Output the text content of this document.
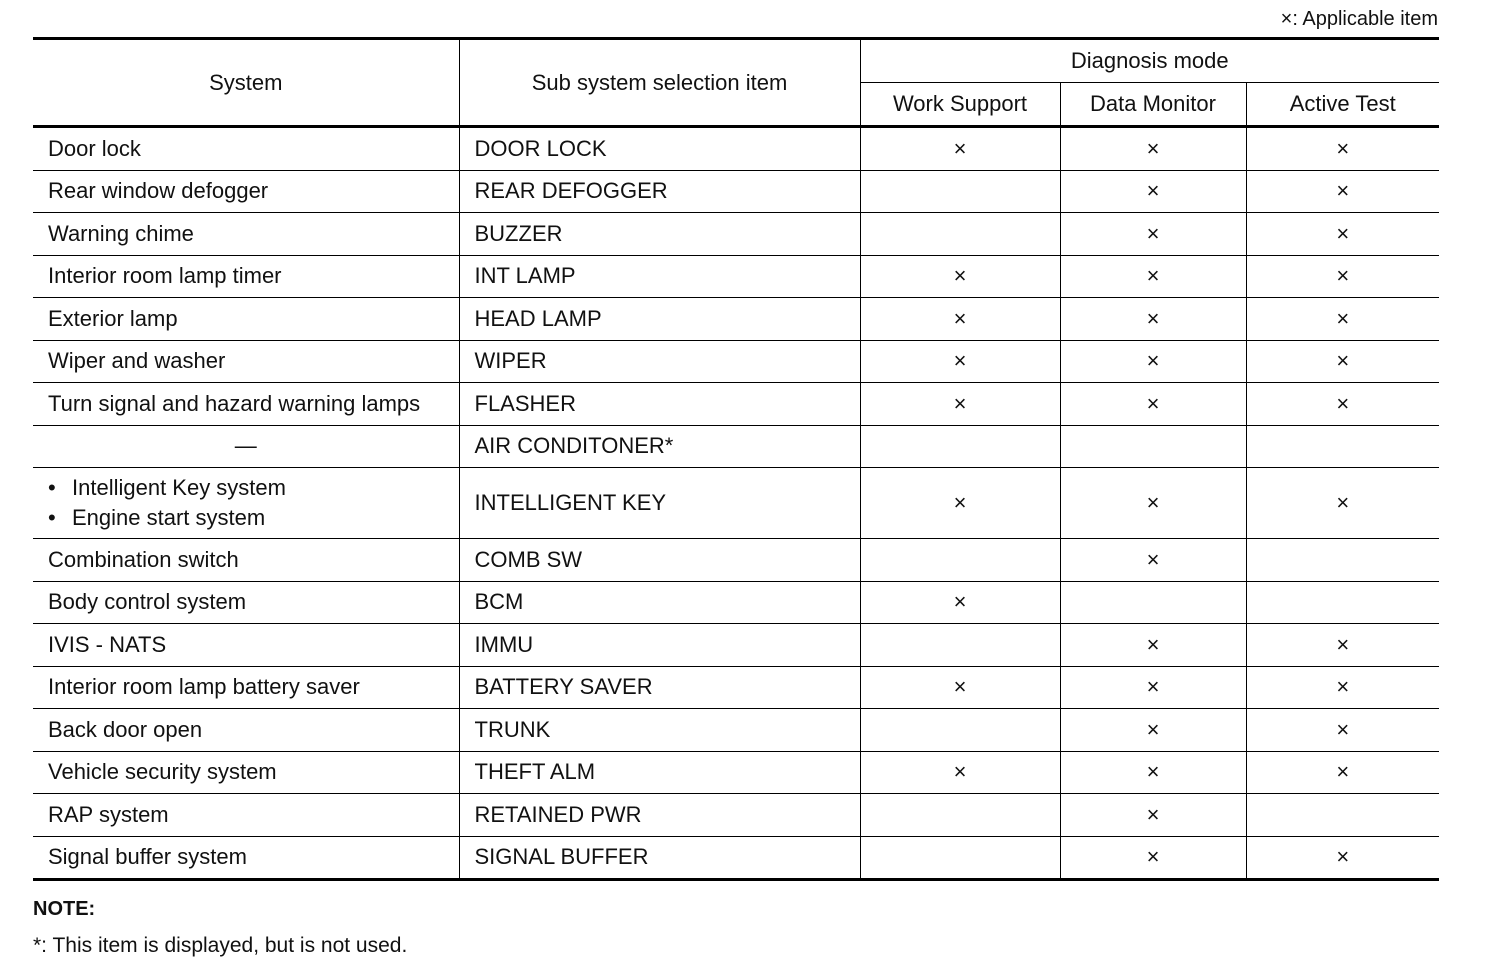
×: Applicable item
System	Sub system selection item	Diagnosis mode		
		Work Support	Data Monitor	Active Test
Door lock	DOOR LOCK	×	×	×
Rear window defogger	REAR DEFOGGER		×	×
Warning chime	BUZZER		×	×
Interior room lamp timer	INT LAMP	×	×	×
Exterior lamp	HEAD LAMP	×	×	×
Wiper and washer	WIPER	×	×	×
Turn signal and hazard warning lamps	FLASHER	×	×	×
—	AIR CONDITONER*			

• Intelligent Key system
• Engine start system	INTELLIGENT KEY	×	×	×
Combination switch	COMB SW		×	
Body control system	BCM	×		
IVIS - NATS	IMMU		×	×
Interior room lamp battery saver	BATTERY SAVER	×	×	×
Back door open	TRUNK		×	×
Vehicle security system	THEFT ALM	×	×	×
RAP system	RETAINED PWR		×	
Signal buffer system	SIGNAL BUFFER		×	×
NOTE:
*: This item is displayed, but is not used.
